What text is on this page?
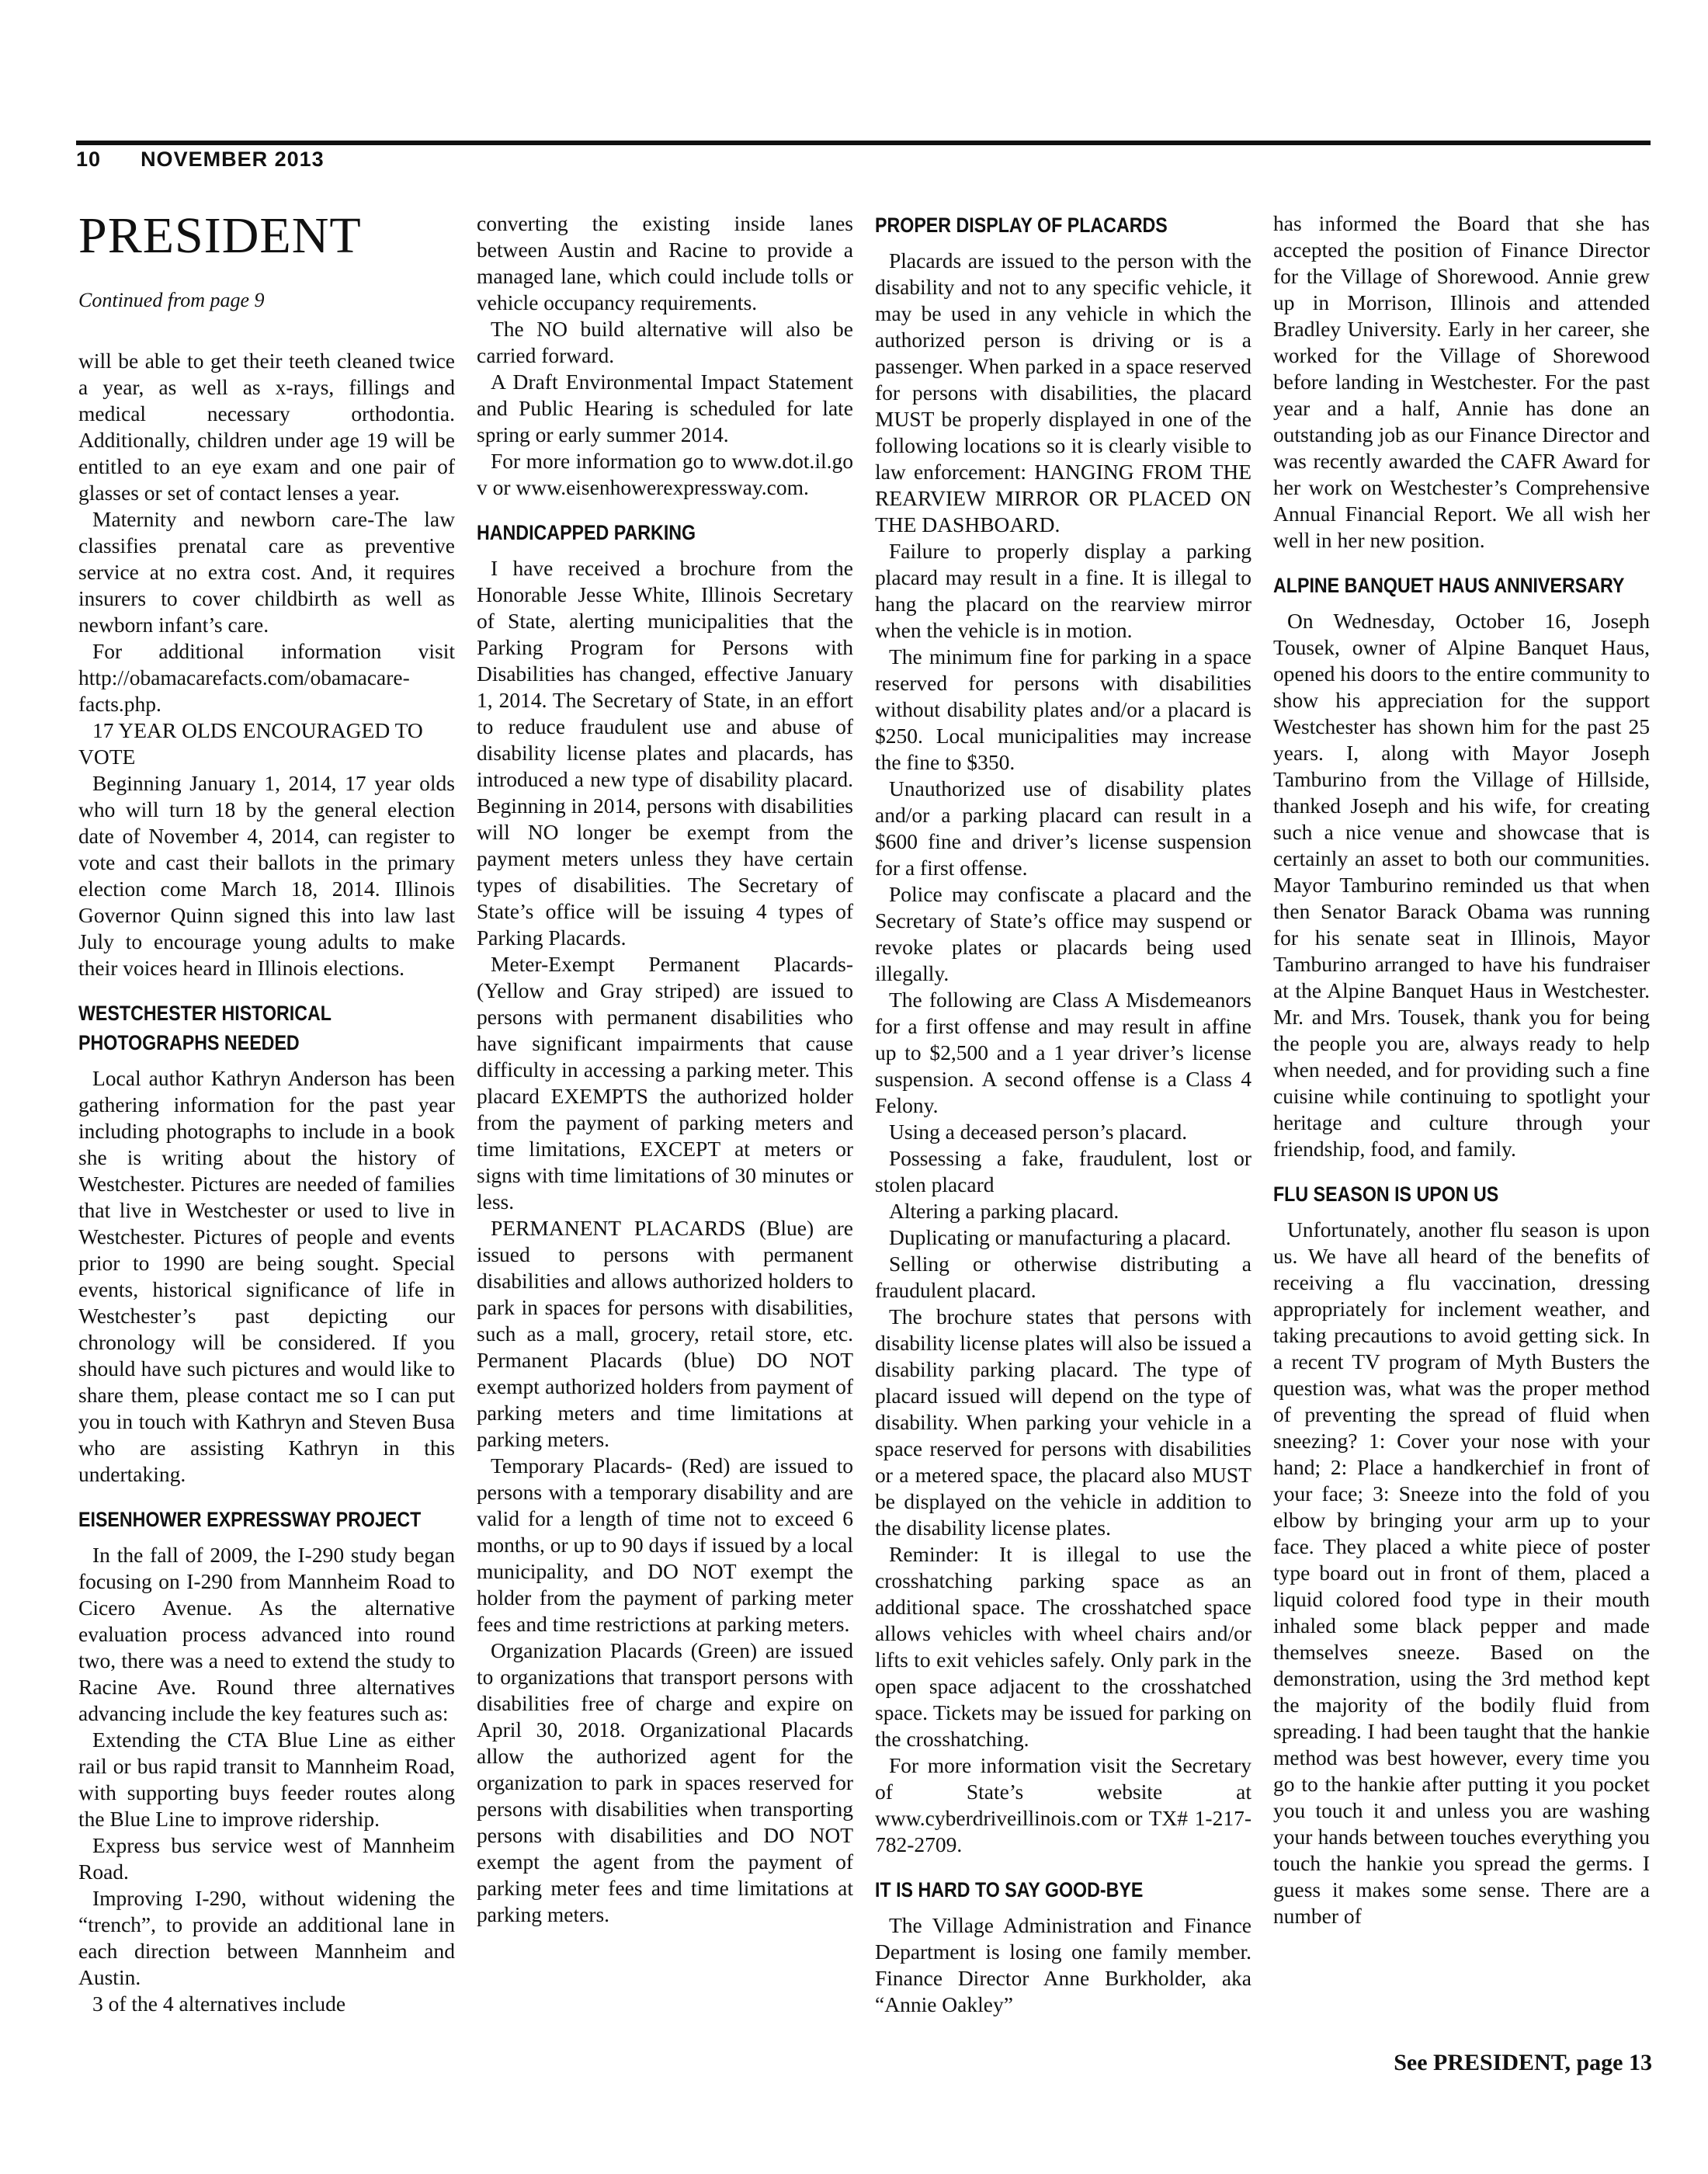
10 NOVEMBER 2013
PRESIDENT
Continued from page 9

will be able to get their teeth cleaned twice a year, as well as x-rays, fillings and medical necessary orthodontia. Additionally, children under age 19 will be entitled to an eye exam and one pair of glasses or set of contact lenses a year.

Maternity and newborn care-The law classifies prenatal care as preventive service at no extra cost. And, it requires insurers to cover childbirth as well as newborn infant’s care.

For additional information visit http://obamacarefacts.com/obamacare-facts.php.

17 YEAR OLDS ENCOURAGED TO VOTE

Beginning January 1, 2014, 17 year olds who will turn 18 by the general election date of November 4, 2014, can register to vote and cast their ballots in the primary election come March 18, 2014. Illinois Governor Quinn signed this into law last July to encourage young adults to make their voices heard in Illinois elections.

WESTCHESTER HISTORICAL PHOTOGRAPHS NEEDED

Local author Kathryn Anderson has been gathering information for the past year including photographs to include in a book she is writing about the history of Westchester. Pictures are needed of families that live in Westchester or used to live in Westchester. Pictures of people and events prior to 1990 are being sought. Special events, historical significance of life in Westchester’s past depicting our chronology will be considered. If you should have such pictures and would like to share them, please contact me so I can put you in touch with Kathryn and Steven Busa who are assisting Kathryn in this undertaking.

EISENHOWER EXPRESSWAY PROJECT

In the fall of 2009, the I-290 study began focusing on I-290 from Mannheim Road to Cicero Avenue. As the alternative evaluation process advanced into round two, there was a need to extend the study to Racine Ave. Round three alternatives advancing include the key features such as:

Extending the CTA Blue Line as either rail or bus rapid transit to Mannheim Road, with supporting buys feeder routes along the Blue Line to improve ridership.

Express bus service west of Mannheim Road.

Improving I-290, without widening the “trench”, to provide an additional lane in each direction between Mannheim and Austin.

3 of the 4 alternatives include

converting the existing inside lanes between Austin and Racine to provide a managed lane, which could include tolls or vehicle occupancy requirements.

The NO build alternative will also be carried forward.

A Draft Environmental Impact Statement and Public Hearing is scheduled for late spring or early summer 2014.

For more information go to www.dot.il.gov or www.eisenhowerexpressway.com.

HANDICAPPED PARKING

I have received a brochure from the Honorable Jesse White, Illinois Secretary of State, alerting municipalities that the Parking Program for Persons with Disabilities has changed, effective January 1, 2014. The Secretary of State, in an effort to reduce fraudulent use and abuse of disability license plates and placards, has introduced a new type of disability placard. Beginning in 2014, persons with disabilities will NO longer be exempt from the payment meters unless they have certain types of disabilities. The Secretary of State’s office will be issuing 4 types of Parking Placards.

Meter-Exempt Permanent Placards- (Yellow and Gray striped) are issued to persons with permanent disabilities who have significant impairments that cause difficulty in accessing a parking meter. This placard EXEMPTS the authorized holder from the payment of parking meters and time limitations, EXCEPT at meters or signs with time limitations of 30 minutes or less.

PERMANENT PLACARDS (Blue) are issued to persons with permanent disabilities and allows authorized holders to park in spaces for persons with disabilities, such as a mall, grocery, retail store, etc. Permanent Placards (blue) DO NOT exempt authorized holders from payment of parking meters and time limitations at parking meters.

Temporary Placards- (Red) are issued to persons with a temporary disability and are valid for a length of time not to exceed 6 months, or up to 90 days if issued by a local municipality, and DO NOT exempt the holder from the payment of parking meter fees and time restrictions at parking meters.

Organization Placards (Green) are issued to organizations that transport persons with disabilities free of charge and expire on April 30, 2018. Organizational Placards allow the authorized agent for the organization to park in spaces reserved for persons with disabilities when transporting persons with disabilities and DO NOT exempt the agent from the payment of parking meter fees and time limitations at parking meters.

PROPER DISPLAY OF PLACARDS

Placards are issued to the person with the disability and not to any specific vehicle, it may be used in any vehicle in which the authorized person is driving or is a passenger. When parked in a space reserved for persons with disabilities, the placard MUST be properly displayed in one of the following locations so it is clearly visible to law enforcement: HANGING FROM THE REARVIEW MIRROR OR PLACED ON THE DASHBOARD.

Failure to properly display a parking placard may result in a fine. It is illegal to hang the placard on the rearview mirror when the vehicle is in motion.

The minimum fine for parking in a space reserved for persons with disabilities without disability plates and/or a placard is $250. Local municipalities may increase the fine to $350.

Unauthorized use of disability plates and/or a parking placard can result in a $600 fine and driver’s license suspension for a first offense.

Police may confiscate a placard and the Secretary of State’s office may suspend or revoke plates or placards being used illegally.

The following are Class A Misdemeanors for a first offense and may result in affine up to $2,500 and a 1 year driver’s license suspension. A second offense is a Class 4 Felony.

Using a deceased person’s placard.

Possessing a fake, fraudulent, lost or stolen placard

Altering a parking placard.

Duplicating or manufacturing a placard.

Selling or otherwise distributing a fraudulent placard.

The brochure states that persons with disability license plates will also be issued a disability parking placard. The type of placard issued will depend on the type of disability. When parking your vehicle in a space reserved for persons with disabilities or a metered space, the placard also MUST be displayed on the vehicle in addition to the disability license plates.

Reminder: It is illegal to use the crosshatching parking space as an additional space. The crosshatched space allows vehicles with wheel chairs and/or lifts to exit vehicles safely. Only park in the open space adjacent to the crosshatched space. Tickets may be issued for parking on the crosshatching.

For more information visit the Secretary of State’s website at www.cyberdriveillinois.com or TX# 1-217-782-2709.

IT IS HARD TO SAY GOOD-BYE

The Village Administration and Finance Department is losing one family member. Finance Director Anne Burkholder, aka “Annie Oakley”

has informed the Board that she has accepted the position of Finance Director for the Village of Shorewood. Annie grew up in Morrison, Illinois and attended Bradley University. Early in her career, she worked for the Village of Shorewood before landing in Westchester. For the past year and a half, Annie has done an outstanding job as our Finance Director and was recently awarded the CAFR Award for her work on Westchester’s Comprehensive Annual Financial Report. We all wish her well in her new position.

ALPINE BANQUET HAUS ANNIVERSARY

On Wednesday, October 16, Joseph Tousek, owner of Alpine Banquet Haus, opened his doors to the entire community to show his appreciation for the support Westchester has shown him for the past 25 years. I, along with Mayor Joseph Tamburino from the Village of Hillside, thanked Joseph and his wife, for creating such a nice venue and showcase that is certainly an asset to both our communities. Mayor Tamburino reminded us that when then Senator Barack Obama was running for his senate seat in Illinois, Mayor Tamburino arranged to have his fundraiser at the Alpine Banquet Haus in Westchester. Mr. and Mrs. Tousek, thank you for being the people you are, always ready to help when needed, and for providing such a fine cuisine while continuing to spotlight your heritage and culture through your friendship, food, and family.

FLU SEASON IS UPON US

Unfortunately, another flu season is upon us. We have all heard of the benefits of receiving a flu vaccination, dressing appropriately for inclement weather, and taking precautions to avoid getting sick. In a recent TV program of Myth Busters the question was, what was the proper method of preventing the spread of fluid when sneezing? 1: Cover your nose with your hand; 2: Place a handkerchief in front of your face; 3: Sneeze into the fold of you elbow by bringing your arm up to your face. They placed a white piece of poster type board out in front of them, placed a liquid colored food type in their mouth inhaled some black pepper and made themselves sneeze. Based on the demonstration, using the 3rd method kept the majority of the bodily fluid from spreading. I had been taught that the hankie method was best however, every time you go to the hankie after putting it you pocket you touch it and unless you are washing your hands between touches everything you touch the hankie you spread the germs. I guess it makes some sense. There are a number of

See PRESIDENT, page 13
